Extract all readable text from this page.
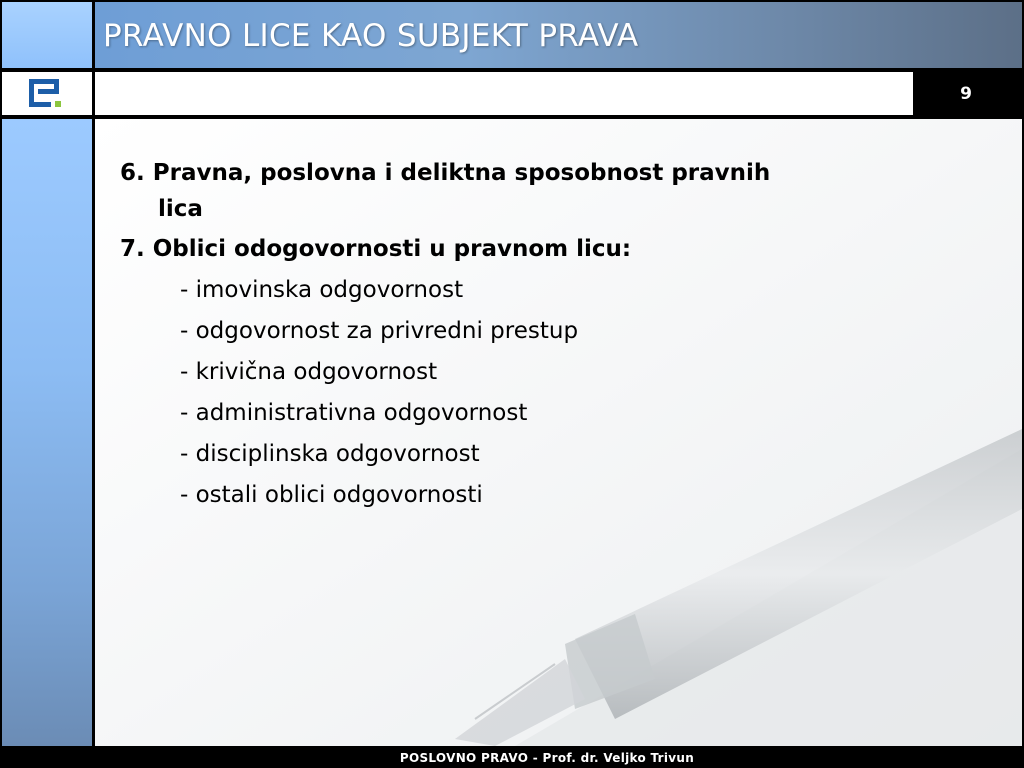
PRAVNO LICE KAO SUBJEKT PRAVA
9
6. Pravna, poslovna i deliktna sposobnost pravnih
lica
7. Oblici odogovornosti u pravnom licu:
- imovinska odgovornost
- odgovornost za privredni prestup
- krivična odgovornost
- administrativna odgovornost
- disciplinska odgovornost
- ostali oblici odgovornosti
POSLOVNO PRAVO - Prof. dr. Veljko Trivun
